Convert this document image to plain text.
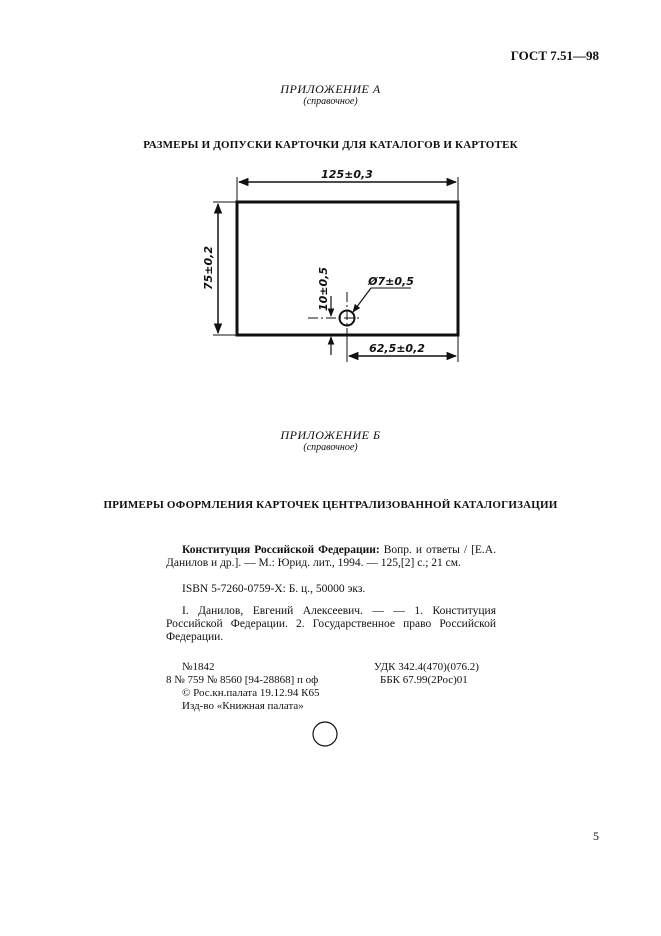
ГОСТ 7.51—98
ПРИЛОЖЕНИЕ А
(справочное)
РАЗМЕРЫ И ДОПУСКИ КАРТОЧКИ ДЛЯ КАТАЛОГОВ И КАРТОТЕК
125±0,3
75±0,2	10±0,5	Ø7±0,5
62,5±0,2
ПРИЛОЖЕНИЕ Б
(справочное)
ПРИМЕРЫ ОФОРМЛЕНИЯ КАРТОЧЕК ЦЕНТРАЛИЗОВАННОЙ КАТАЛОГИЗАЦИИ
Конституция Российской Федерации: Вопр. и ответы / [Е.А. Данилов и др.]. — М.: Юрид. лит., 1994. — 125,[2] с.; 21 см.
ISBN 5-7260-0759-X: Б. ц., 50000 экз.
I. Данилов, Евгений Алексеевич. — — 1. Конституция Российской Федерации. 2. Государственное право Российской Федерации.
№1842
8 № 759 № 8560 [94-28868] п оф
© Рос.кн.палата 19.12.94 К65
Изд-во «Книжная палата»
УДК 342.4(470)(076.2)
ББК 67.99(2Рос)01
5
